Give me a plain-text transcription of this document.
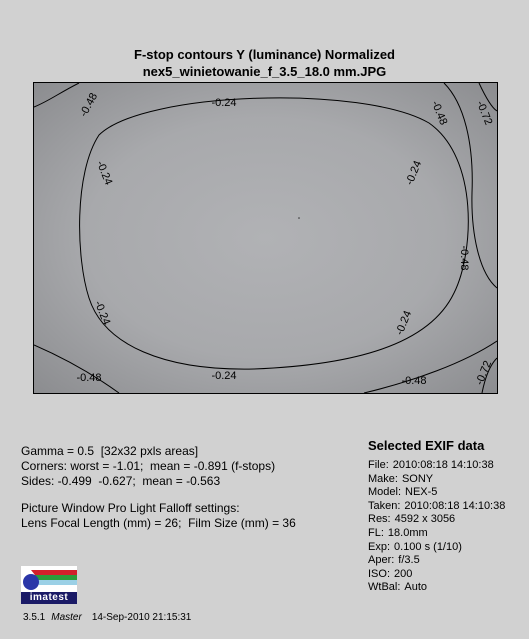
F-stop contours Y (luminance) Normalized
nex5_winietowanie_f_3.5_18.0 mm.JPG
-0.24
-0.24	-0.24
-0.24	-0.24
-0.24
-0.48	-0.48
-0.48
-0.48	-0.48
-0.72
-0.72
Gamma = 0.5  [32x32 pxls areas]
Corners: worst = -1.01;  mean = -0.891 (f-stops)
Sides: -0.499  -0.627;  mean = -0.563
Picture Window Pro Light Falloff settings:
Lens Focal Length (mm) = 26;  Film Size (mm) = 36
Selected EXIF data
File: 2010:08:18 14:10:38
Make: SONY
Model: NEX-5
Taken: 2010:08:18 14:10:38
Res: 4592 x 3056
FL: 18.0mm
Exp: 0.100 s (1/10)
Aper: f/3.5
ISO: 200
WtBal: Auto
imatest
3.5.1 Master 14-Sep-2010 21:15:31
